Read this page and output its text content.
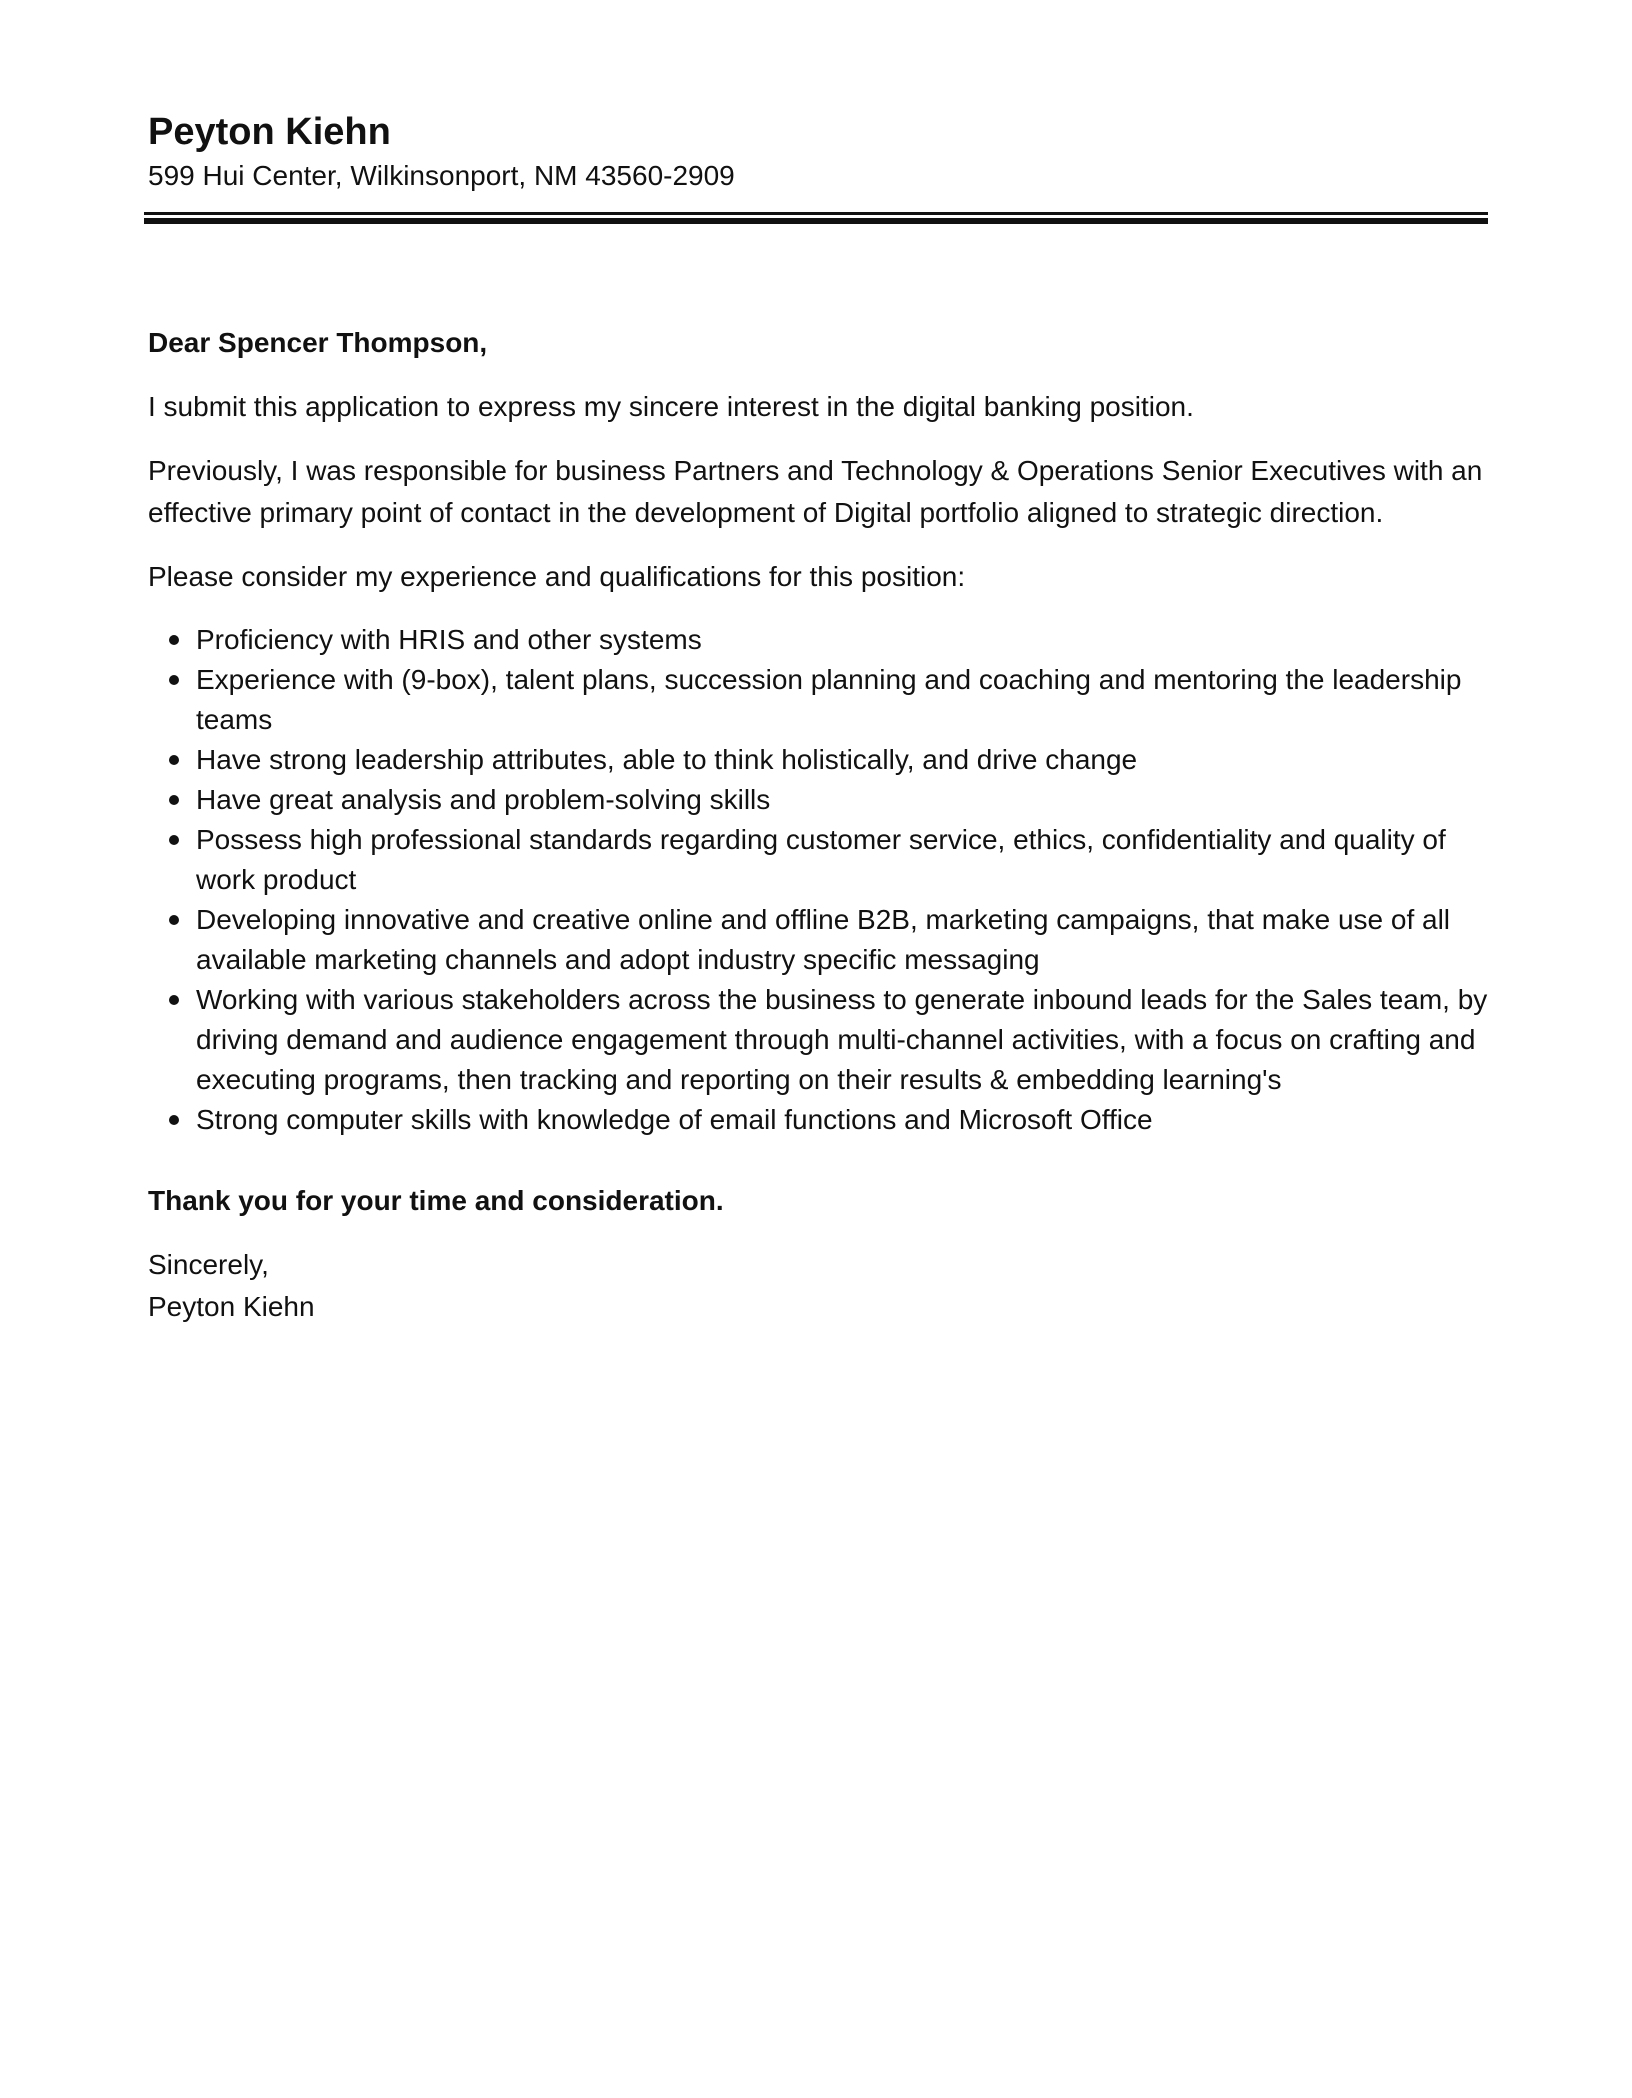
Peyton Kiehn

599 Hui Center, Wilkinsonport, NM 43560-2909

Dear Spencer Thompson,

I submit this application to express my sincere interest in the digital banking position.

Previously, I was responsible for business Partners and Technology & Operations Senior Executives with an effective primary point of contact in the development of Digital portfolio aligned to strategic direction.

Please consider my experience and qualifications for this position:

Proficiency with HRIS and other systems
Experience with (9-box), talent plans, succession planning and coaching and mentoring the leadership teams
Have strong leadership attributes, able to think holistically, and drive change
Have great analysis and problem-solving skills
Possess high professional standards regarding customer service, ethics, confidentiality and quality of work product
Developing innovative and creative online and offline B2B, marketing campaigns, that make use of all available marketing channels and adopt industry specific messaging
Working with various stakeholders across the business to generate inbound leads for the Sales team, by driving demand and audience engagement through multi-channel activities, with a focus on crafting and executing programs, then tracking and reporting on their results & embedding learning's
Strong computer skills with knowledge of email functions and Microsoft Office

Thank you for your time and consideration.

Sincerely,

Peyton Kiehn
